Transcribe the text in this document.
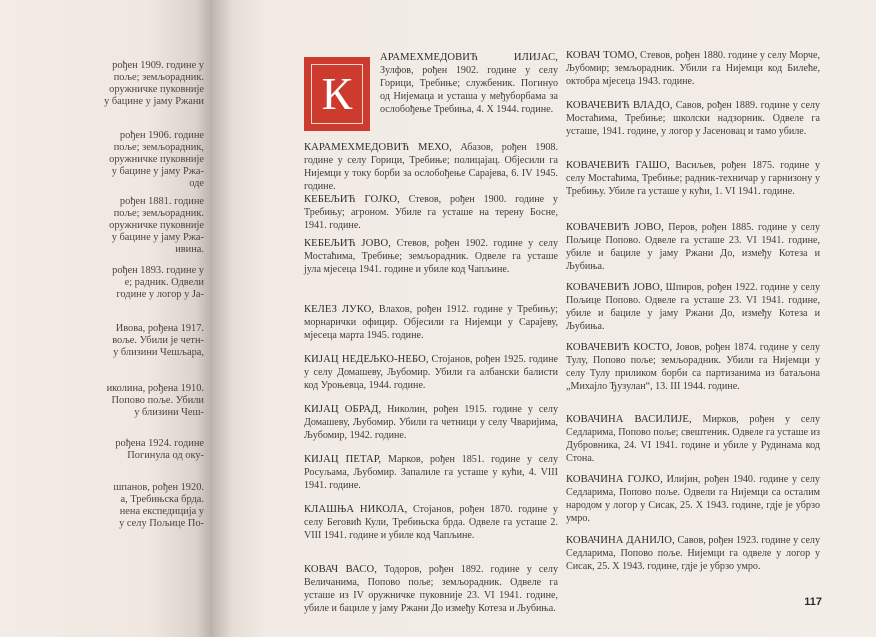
рођен 1909. године у
поље; земљорадник.
оружничке пуковније
у бацине у јаму Ржани
рођен 1906. године
поље; земљорадник,
оружничке пуковније
у бацине у јаму Ржа-
оде
рођен 1881. године
поље; земљорадник.
оружничке пуковније
у бацине у јаму Ржа-
ивина.
рођен 1893. године у
е; радник. Одвели
године у логор у Ја-
Ивова, рођена 1917.
воље. Убили је четн-
у близини Чешљара,
иколина, рођена 1910.
Попово поље. Убили
у близини Чеш-
рођена 1924. године
Погинула од оку-
шпанов, рођен 1920.
а, Требињска брда.
нена експедиција у
у селу Пољице По-
К
АРАМЕХМЕДОВИЋ ИЛИЈАС, Зулфов, рођен 1902. године у селу Горици, Требиње; службеник. Погинуо од Нијемаца и усташа у међуборбама за ослобођење Требиња, 4. X 1944. године.
КАРАМЕХМЕДОВИЋ МЕХО, Абазов, рођен 1908. године у селу Горици, Требиње; полицајац. Објесили га Нијемци у току борби за ослобођење Сарајева, 6. IV 1945. године.
КЕБЕЉИЋ ГОЈКО, Стевов, рођен 1900. године у Требињу; агроном. Убиле га усташе на терену Босне, 1941. године.
КЕБЕЉИЋ ЈОВО, Стевов, рођен 1902. године у селу Мостаћима, Требиње; земљорадник. Одвеле га усташе јула мјесеца 1941. године и убиле код Чапљине.
КЕЛЕЗ ЛУКО, Влахов, рођен 1912. године у Требињу; морнарички официр. Објесили га Нијемци у Сарајеву, мјесеца марта 1945. године.
КИЈАЦ НЕДЕЉКО-НЕБО, Стојанов, рођен 1925. године у селу Домашеву, Љубомир. Убили га албански балисти код Уроњевца, 1944. године.
КИЈАЦ ОБРАД, Николин, рођен 1915. године у селу Домашеву, Љубомир. Убили га четници у селу Чваријима, Љубомир, 1942. године.
КИЈАЦ ПЕТАР, Марков, рођен 1851. године у селу Росуљама, Љубомир. Запалиле га усташе у кући, 4. VIII 1941. године.
КЛАШЊА НИКОЛА, Стојанов, рођен 1870. године у селу Беговић Кули, Требињска брда. Одвеле га усташе 2. VIII 1941. године и убиле код Чапљине.
КОВАЧ ВАСО, Тодоров, рођен 1892. године у селу Величанима, Попово поље; земљорадник. Одвеле га усташе из IV оружничке пуковније 23. VI 1941. године, убиле и бациле у јаму Ржани До између Котеза и Љубиња.
КОВАЧ ТОМО, Стевов, рођен 1880. године у селу Морче, Љубомир; земљорадник. Убили га Нијемци код Билеће, октобра мјесеца 1943. године.
КОВАЧЕВИЋ ВЛАДО, Савов, рођен 1889. године у селу Мостаћима, Требиње; школски надзорник. Одвеле га усташе, 1941. године, у логор у Јасеновац и тамо убиле.
КОВАЧЕВИЋ ГАШО, Васиљев, рођен 1875. године у селу Мостаћима, Требиње; радник-техничар у гарнизону у Требињу. Убиле га усташе у кући, 1. VI 1941. године.
КОВАЧЕВИЋ ЈОВО, Перов, рођен 1885. године у селу Пољице Попово. Одвеле га усташе 23. VI 1941. године, убиле и бациле у јаму Ржани До, између Котеза и Љубиња.
КОВАЧЕВИЋ ЈОВО, Шпиров, рођен 1922. године у селу Пољице Попово. Одвеле га усташе 23. VI 1941. године, убиле и бациле у јаму Ржани До, између Котеза и Љубиња.
КОВАЧЕВИЋ КОСТО, Јовов, рођен 1874. године у селу Тулу, Попово поље; земљорадник. Убили га Нијемци у селу Тулу приликом борби са партизанима из батаљона „Михајло Ђузулан“, 13. III 1944. године.
КОВАЧИНА ВАСИЛИЈЕ, Мирков, рођен у селу Седларима, Попово поље; свештеник. Одвеле га усташе из Дубровника, 24. VI 1941. године и убиле у Рудинама код Стона.
КОВАЧИНА ГОЈКО, Илијин, рођен 1940. године у селу Седларима, Попово поље. Одвели га Нијемци са осталим народом у логор у Сисак, 25. X 1943. године, гдје је убрзо умро.
КОВАЧИНА ДАНИЛО, Савов, рођен 1923. године у селу Седларима, Попово поље. Нијемци га одвеле у логор у Сисак, 25. X 1943. године, гдје је убрзо умро.
117
